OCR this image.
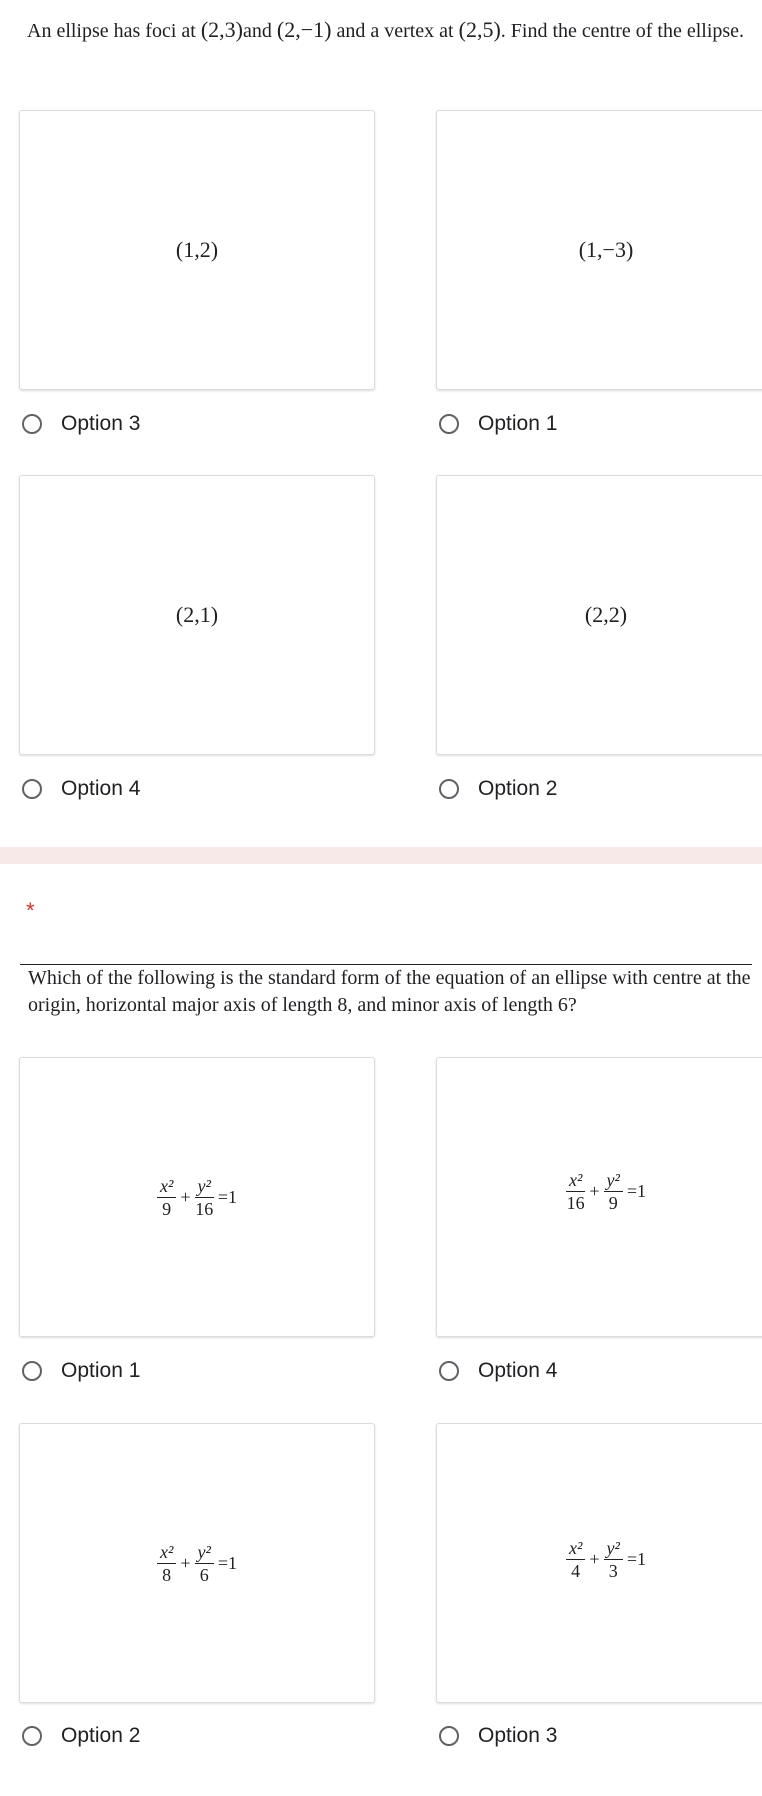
An ellipse has foci at (2,3)and (2,−1) and a vertex at (2,5). Find the centre of the ellipse.
(1,2)	(1,−3)
Option 3	Option 1
(2,1)	(2,2)
Option 4	Option 2
*
Which of the following is the standard form of the equation of an ellipse with centre at the origin, horizontal major axis of length 8, and minor axis of length 6?
$\frac{\text{x²}}{9} + \frac{\text{y²}}{16} =1$	$\frac{\text{x²}}{16} + \frac{\text{y²}}{9} =1$
Option 1	Option 4
$\frac{\text{x²}}{8} + \frac{\text{y²}}{6} =1$	$\frac{\text{x²}}{4} + \frac{\text{y²}}{3} =1$
Option 2	Option 3
